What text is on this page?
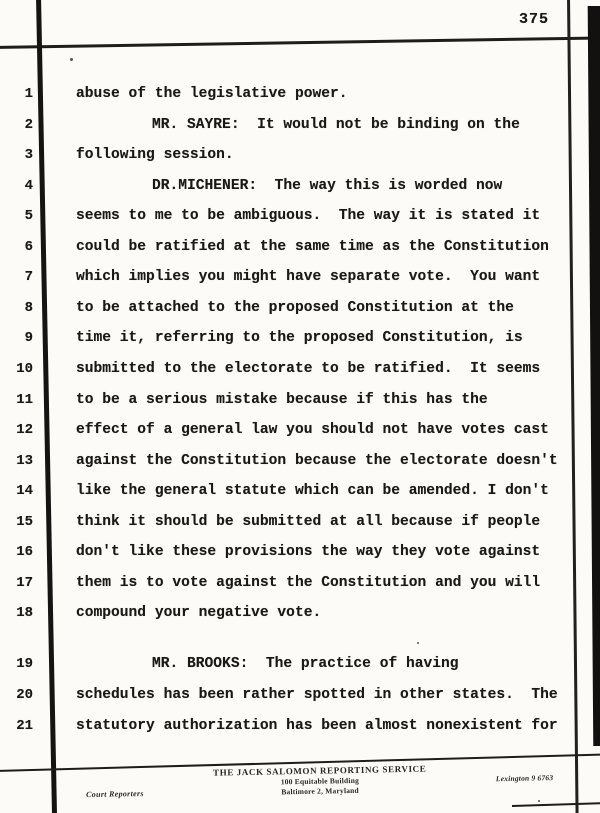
375
1	abuse of the legislative power.
2	MR. SAYRE:  It would not be binding on the
3	following session.
4	DR.MICHENER:  The way this is worded now
5	seems to me to be ambiguous.  The way it is stated it
6	could be ratified at the same time as the Constitution
7	which implies you might have separate vote.  You want
8	to be attached to the proposed Constitution at the
9	time it, referring to the proposed Constitution, is
10	submitted to the electorate to be ratified.  It seems
11	to be a serious mistake because if this has the
12	effect of a general law you should not have votes cast
13	against the Constitution because the electorate doesn't
14	like the general statute which can be amended. I don't
15	think it should be submitted at all because if people
16	don't like these provisions the way they vote against
17	them is to vote against the Constitution and you will
18	compound your negative vote.
19	MR. BROOKS:  The practice of having
20	schedules has been rather spotted in other states.  The
21	statutory authorization has been almost nonexistent for
Court Reporters
THE JACK SALOMON REPORTING SERVICE
100 Equitable Building
Baltimore 2, Maryland
Lexington 9 6763
